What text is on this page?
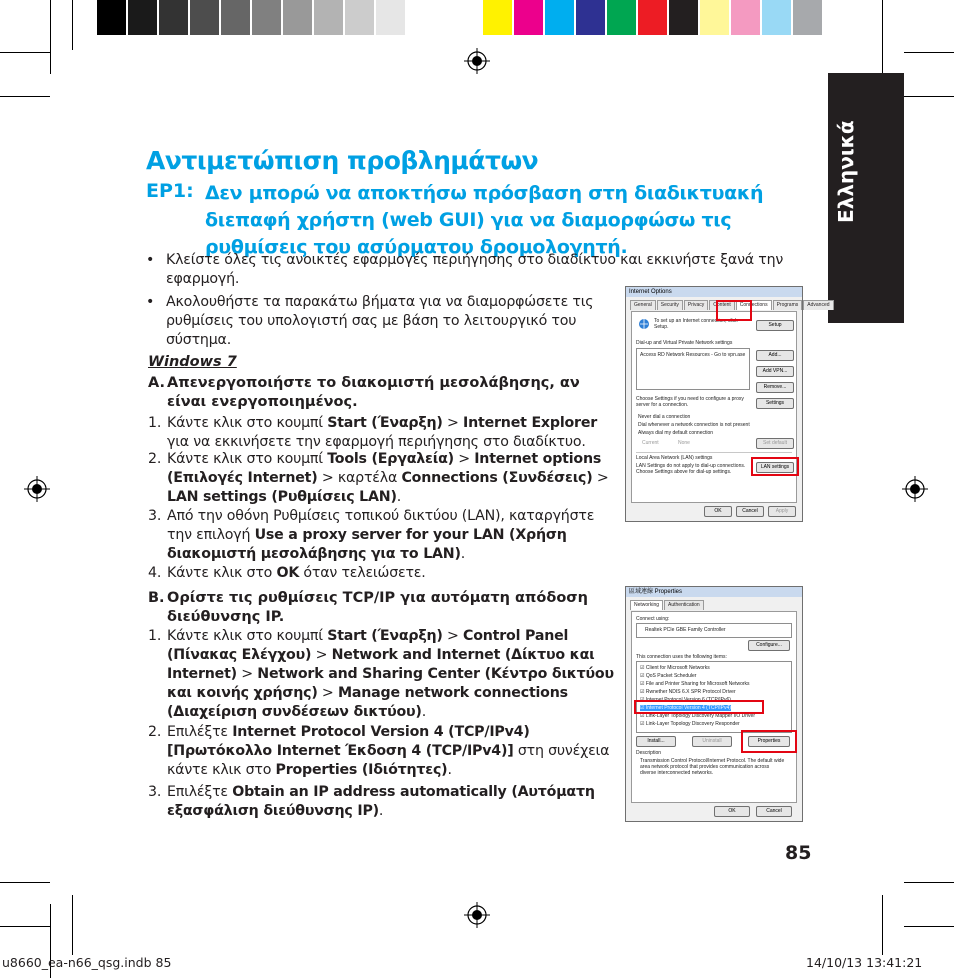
Ελληνικά
Αντιμετώπιση προβλημάτων
EP1: Δεν μπορώ να αποκτήσω πρόσβαση στη διαδικτυακή διεπαφή χρήστη (web GUI) για να διαμορφώσω τις ρυθμίσεις του ασύρματου δρομολογητή.
• Κλείστε όλες τις ανοικτές εφαρμογές περιήγησης στο διαδίκτυο και εκκινήστε ξανά την εφαρμογή.
• Ακολουθήστε τα παρακάτω βήματα για να διαμορφώσετε τις ρυθμίσεις του υπολογιστή σας με βάση το λειτουργικό του σύστημα.
Windows 7
A. Απενεργοποιήστε το διακομιστή μεσολάβησης, αν είναι ενεργοποιημένος.
1. Κάντε κλικ στο κουμπί Start (Έναρξη) > Internet Explorer για να εκκινήσετε την εφαρμογή περιήγησης στο διαδίκτυο.
2. Κάντε κλικ στο κουμπί Tools (Εργαλεία) > Internet options (Επιλογές Internet) > καρτέλα Connections (Συνδέσεις) > LAN settings (Ρυθμίσεις LAN).
3. Από την οθόνη Ρυθμίσεις τοπικού δικτύου (LAN), καταργήστε την επιλογή Use a proxy server for your LAN (Χρήση διακομιστή μεσολάβησης για το LAN).
4. Κάντε κλικ στο OK όταν τελειώσετε.
B. Ορίστε τις ρυθμίσεις TCP/IP για αυτόματη απόδοση διεύθυνσης IP.
1. Κάντε κλικ στο κουμπί Start (Έναρξη) > Control Panel (Πίνακας Ελέγχου) > Network and Internet (Δίκτυο και Internet) > Network and Sharing Center (Κέντρο δικτύου και κοινής χρήσης) > Manage network connections (Διαχείριση συνδέσεων δικτύου).
2. Επιλέξτε Internet Protocol Version 4 (TCP/IPv4) [Πρωτόκολλο Internet Έκδοση 4 (TCP/IPv4)] στη συνέχεια κάντε κλικ στο Properties (Ιδιότητες).
3. Επιλέξτε Obtain an IP address automatically (Αυτόματη εξασφάλιση διεύθυνσης IP).
Internet Options
General	Security	Privacy	Content	Connections	Programs	Advanced
To set up an Internet connection, click Setup.	Setup
Dial-up and Virtual Private Network settings
Access RD Network Resources - Go to vpn.ase	Add...
Add VPN...
Remove...
Choose Settings if you need to configure a proxy server for a connection.	Settings
Never dial a connection
Dial whenever a network connection is not present
Always dial my default connection
Current	None	Set default
Local Area Network (LAN) settings
LAN Settings do not apply to dial-up connections. Choose Settings above for dial-up settings.
LAN settings
OK	Cancel	Apply
區域連線 Properties
Networking	Authentication
Connect using:
Realtek PCIe GBE Family Controller
Configure...
This connection uses the following items:
☑ Client for Microsoft Networks
☑ QoS Packet Scheduler
☑ File and Printer Sharing for Microsoft Networks
☑ Rwnether NDIS 6.X SPR Protocol Driver
☑ Internet Protocol Version 6 (TCP/IPv6)
☑ Internet Protocol Version 4 (TCP/IPv4)
☑ Link-Layer Topology Discovery Mapper I/O Driver
☑ Link-Layer Topology Discovery Responder
Install...	Uninstall	Properties
Description
Transmission Control Protocol/Internet Protocol. The default wide area network protocol that provides communication across diverse interconnected networks.
OK	Cancel
85
u8660_ea-n66_qsg.indb 85	14/10/13 13:41:21
